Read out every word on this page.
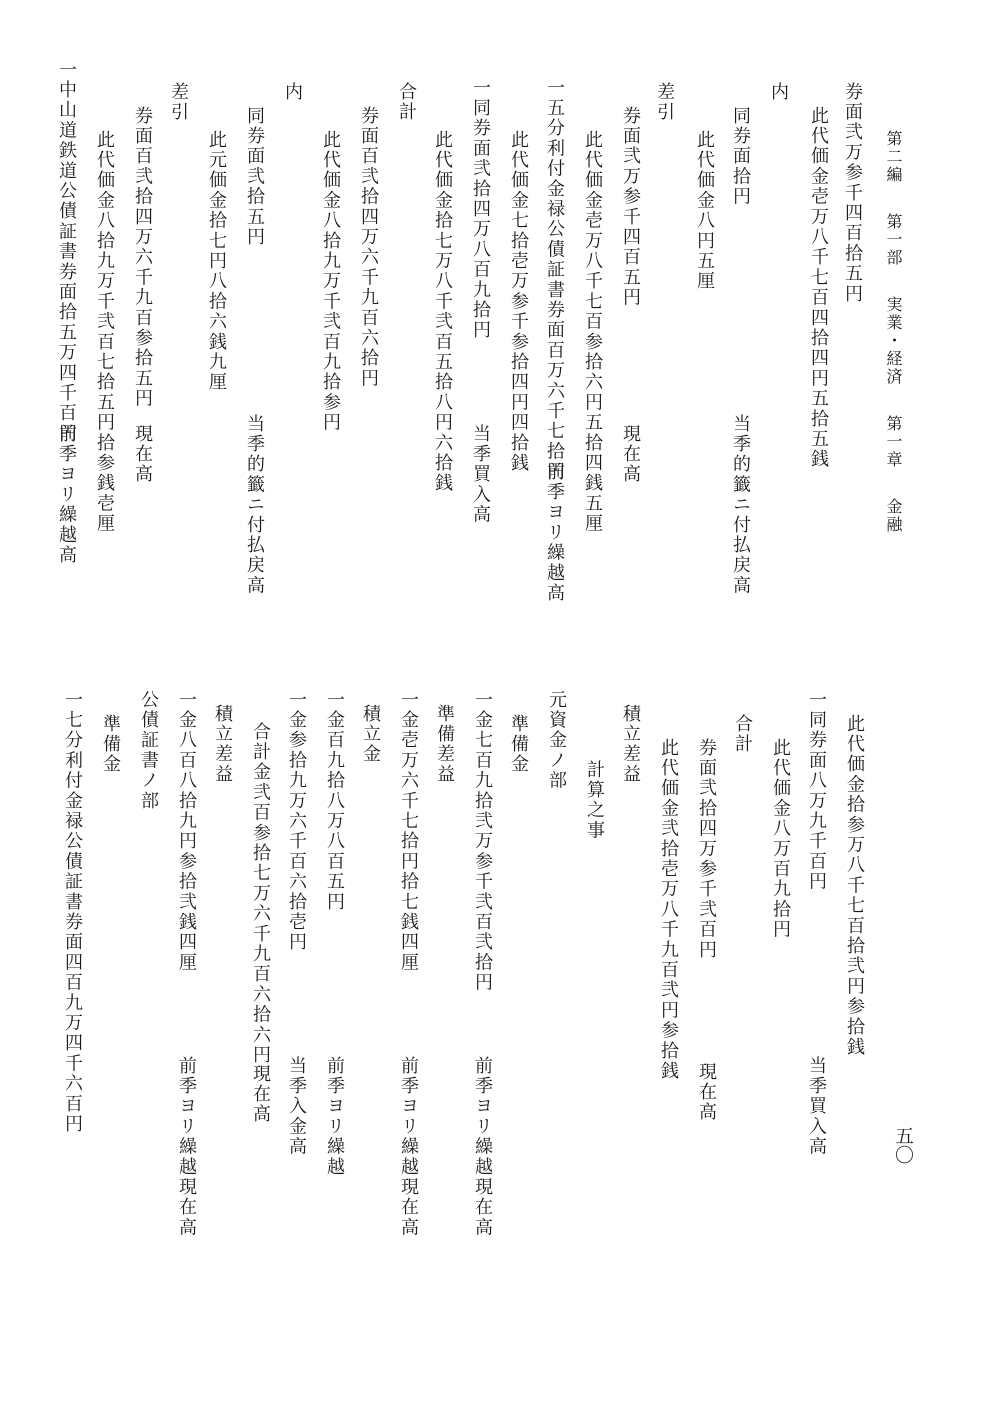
第二編 第一部 実業・経済 第一章 金融
五〇
券面弐万参千四百拾五円
此代価金壱万八千七百四拾四円五拾五銭
内
同券面拾円
此代価金八円五厘
当季的籤ニ付払戻高
差引
券面弐万参千四百五円
現在高
此代価金壱万八千七百参拾六円五拾四銭五厘
一五分利付金禄公債証書券面百万六千七拾円
前季ヨリ繰越高
此代価金七拾壱万参千参拾四円四拾銭
一同券面弐拾四万八百九拾円
当季買入高
此代価金拾七万八千弐百五拾八円六拾銭
合計
券面百弐拾四万六千九百六拾円
此代価金八拾九万千弐百九拾参円
内
同券面弐拾五円
当季的籤ニ付払戻高
此元価金拾七円八拾六銭九厘
差引
券面百弐拾四万六千九百参拾五円
現在高
此代価金八拾九万千弐百七拾五円拾参銭壱厘
一中山道鉄道公債証書券面拾五万四千百円
前季ヨリ繰越高
此代価金拾参万八千七百拾弐円参拾銭
一同券面八万九千百円
当季買入高
此代価金八万百九拾円
合計
券面弐拾四万参千弐百円
現在高
此代価金弐拾壱万八千九百弐円参拾銭
積立差益
計算之事
元資金ノ部
準備金
一金七百九拾弐万参千弐百弐拾円
前季ヨリ繰越現在高
準備差益
一金壱万六千七拾円拾七銭四厘
前季ヨリ繰越現在高
積立金
一金百九拾八万八百五円
前季ヨリ繰越
一金参拾九万六千百六拾壱円
当季入金高
合計金弐百参拾七万六千九百六拾六円
現在高
積立差益
一金八百八拾九円参拾弐銭四厘
前季ヨリ繰越現在高
公債証書ノ部
準備金
一七分利付金禄公債証書券面四百九万四千六百円
